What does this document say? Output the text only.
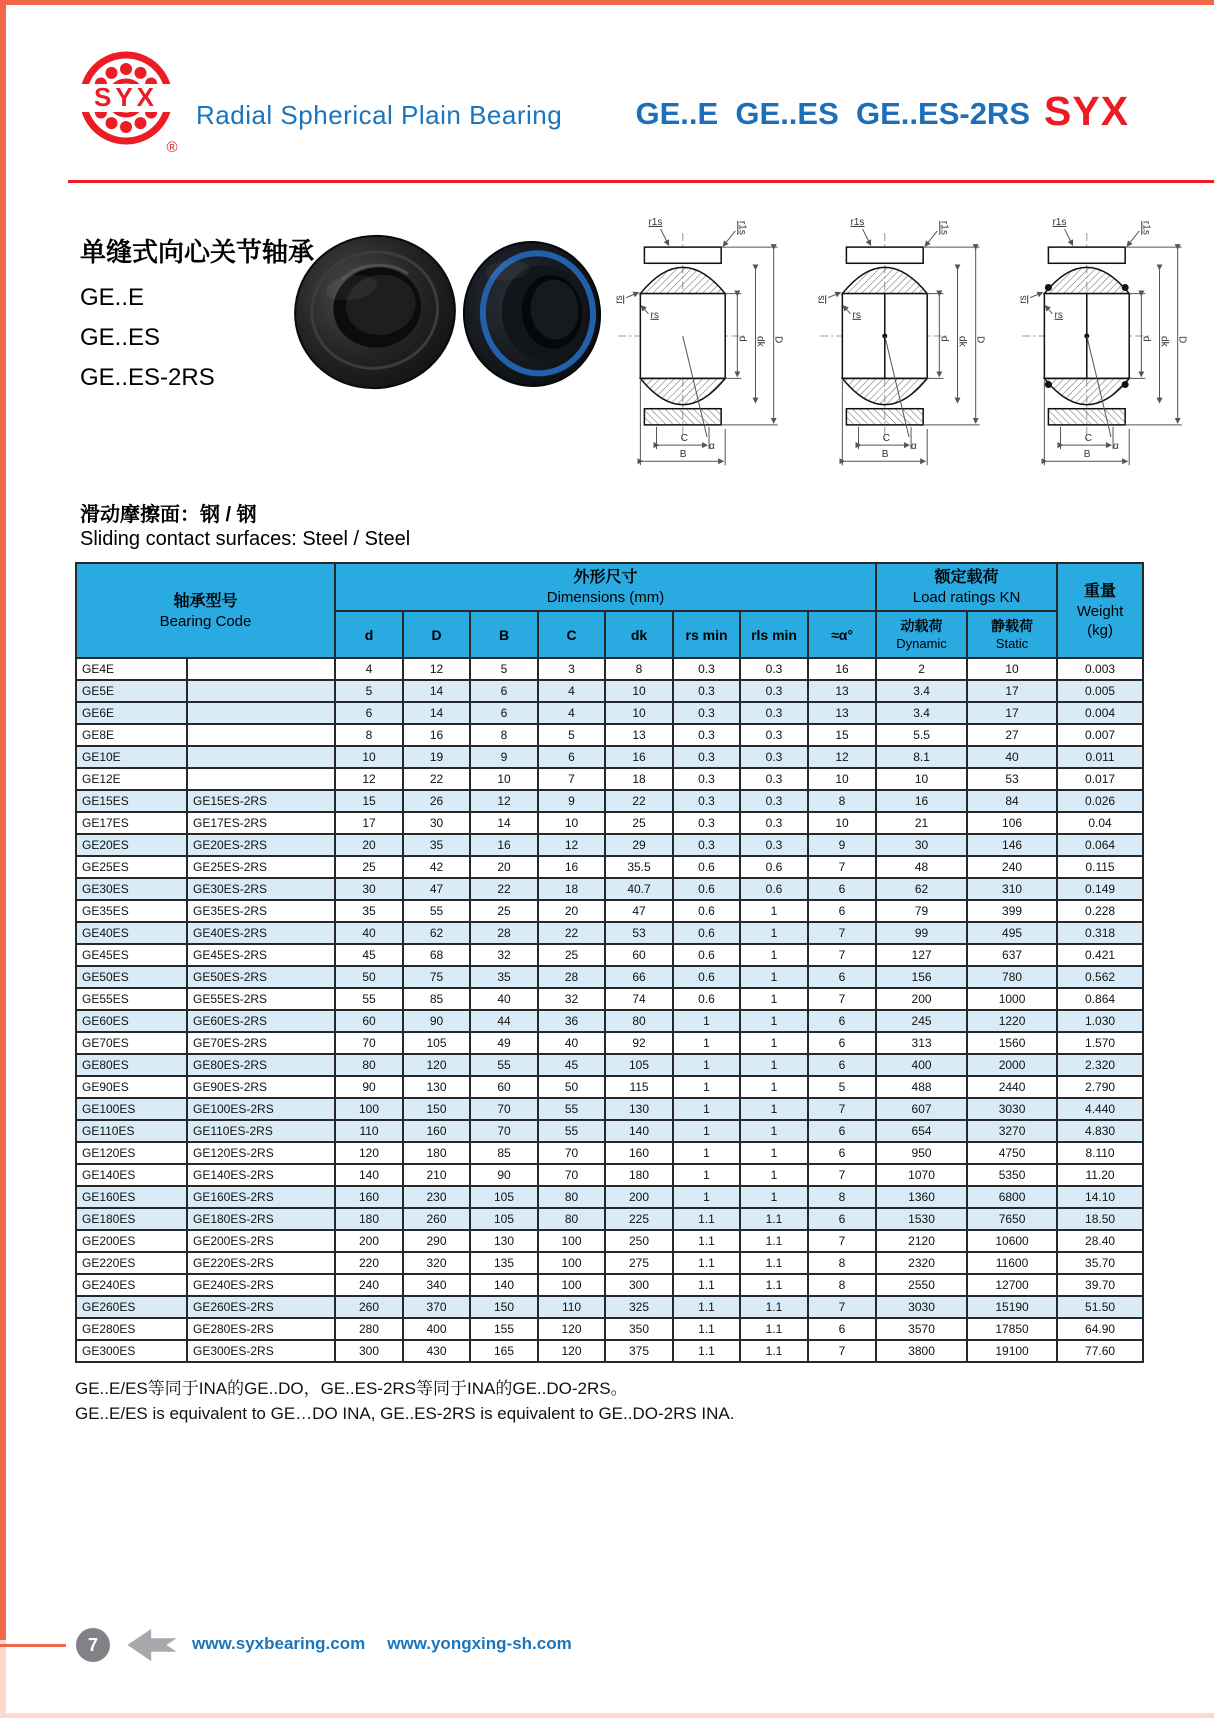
SYX
®
Radial Spherical Plain Bearing	GE..E  GE..ES  GE..ES-2RS SYX
单缝式向心关节轴承
GE..E
GE..ES
GE..ES-2RS
α
d dk D
r1s	r1s
rs
rs
C
B
α
d dk D
r1s	r1s
rs
rs
C
B
α
d dk D
r1s	r1s
rs
rs
C
B
滑动摩擦面：钢 / 钢
Sliding contact surfaces: Steel / Steel
轴承型号
Bearing Code		外形尺寸
Dimensions (mm)								额定载荷
Load ratings KN		重量
Weight
(kg)

		d	D	B	C	dk	rs min	rls min	≈α°	动载荷
Dynamic	静载荷
Static	

GE4E		4	12	5	3	8	0.3	0.3	16	2	10	0.003
GE5E		5	14	6	4	10	0.3	0.3	13	3.4	17	0.005
GE6E		6	14	6	4	10	0.3	0.3	13	3.4	17	0.004
GE8E		8	16	8	5	13	0.3	0.3	15	5.5	27	0.007
GE10E		10	19	9	6	16	0.3	0.3	12	8.1	40	0.011
GE12E		12	22	10	7	18	0.3	0.3	10	10	53	0.017
GE15ES	GE15ES-2RS	15	26	12	9	22	0.3	0.3	8	16	84	0.026
GE17ES	GE17ES-2RS	17	30	14	10	25	0.3	0.3	10	21	106	0.04
GE20ES	GE20ES-2RS	20	35	16	12	29	0.3	0.3	9	30	146	0.064
GE25ES	GE25ES-2RS	25	42	20	16	35.5	0.6	0.6	7	48	240	0.115
GE30ES	GE30ES-2RS	30	47	22	18	40.7	0.6	0.6	6	62	310	0.149
GE35ES	GE35ES-2RS	35	55	25	20	47	0.6	1	6	79	399	0.228
GE40ES	GE40ES-2RS	40	62	28	22	53	0.6	1	7	99	495	0.318
GE45ES	GE45ES-2RS	45	68	32	25	60	0.6	1	7	127	637	0.421
GE50ES	GE50ES-2RS	50	75	35	28	66	0.6	1	6	156	780	0.562
GE55ES	GE55ES-2RS	55	85	40	32	74	0.6	1	7	200	1000	0.864
GE60ES	GE60ES-2RS	60	90	44	36	80	1	1	6	245	1220	1.030
GE70ES	GE70ES-2RS	70	105	49	40	92	1	1	6	313	1560	1.570
GE80ES	GE80ES-2RS	80	120	55	45	105	1	1	6	400	2000	2.320
GE90ES	GE90ES-2RS	90	130	60	50	115	1	1	5	488	2440	2.790
GE100ES	GE100ES-2RS	100	150	70	55	130	1	1	7	607	3030	4.440
GE110ES	GE110ES-2RS	110	160	70	55	140	1	1	6	654	3270	4.830
GE120ES	GE120ES-2RS	120	180	85	70	160	1	1	6	950	4750	8.110
GE140ES	GE140ES-2RS	140	210	90	70	180	1	1	7	1070	5350	11.20
GE160ES	GE160ES-2RS	160	230	105	80	200	1	1	8	1360	6800	14.10
GE180ES	GE180ES-2RS	180	260	105	80	225	1.1	1.1	6	1530	7650	18.50
GE200ES	GE200ES-2RS	200	290	130	100	250	1.1	1.1	7	2120	10600	28.40
GE220ES	GE220ES-2RS	220	320	135	100	275	1.1	1.1	8	2320	11600	35.70
GE240ES	GE240ES-2RS	240	340	140	100	300	1.1	1.1	8	2550	12700	39.70
GE260ES	GE260ES-2RS	260	370	150	110	325	1.1	1.1	7	3030	15190	51.50
GE280ES	GE280ES-2RS	280	400	155	120	350	1.1	1.1	6	3570	17850	64.90
GE300ES	GE300ES-2RS	300	430	165	120	375	1.1	1.1	7	3800	19100	77.60
GE..E/ES等同于INA的GE..DO，GE..ES-2RS等同于INA的GE..DO-2RS。
GE..E/ES is equivalent to GE…DO INA, GE..ES-2RS is equivalent to GE..DO-2RS INA.
7	www.syxbearing.com www.yongxing-sh.com
